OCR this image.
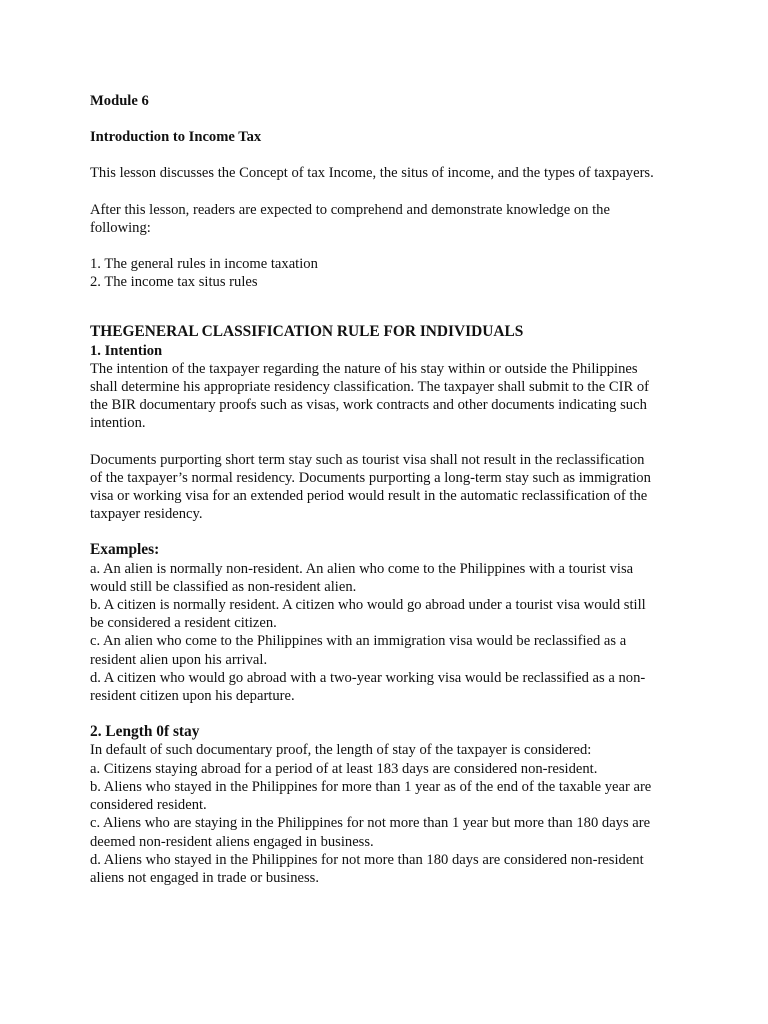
Module 6
Introduction to Income Tax
This lesson discusses the Concept of tax Income, the situs of income, and the types of taxpayers.
After this lesson, readers are expected to comprehend and demonstrate knowledge on the
following:
1. The general rules in income taxation
2. The income tax situs rules
THEGENERAL CLASSIFICATION RULE FOR INDIVIDUALS
1. Intention
The intention of the taxpayer regarding the nature of his stay within or outside the Philippines
shall determine his appropriate residency classification. The taxpayer shall submit to the CIR of
the BIR documentary proofs such as visas, work contracts and other documents indicating such
intention.
Documents purporting short term stay such as tourist visa shall not result in the reclassification
of the taxpayer’s normal residency. Documents purporting a long-term stay such as immigration
visa or working visa for an extended period would result in the automatic reclassification of the
taxpayer residency.
Examples:
a. An alien is normally non-resident. An alien who come to the Philippines with a tourist visa
would still be classified as non-resident alien.
b. A citizen is normally resident. A citizen who would go abroad under a tourist visa would still
be considered a resident citizen.
c. An alien who come to the Philippines with an immigration visa would be reclassified as a
resident alien upon his arrival.
d. A citizen who would go abroad with a two-year working visa would be reclassified as a non-
resident citizen upon his departure.
2. Length 0f stay
In default of such documentary proof, the length of stay of the taxpayer is considered:
a. Citizens staying abroad for a period of at least 183 days are considered non-resident.
b. Aliens who stayed in the Philippines for more than 1 year as of the end of the taxable year are
considered resident.
c. Aliens who are staying in the Philippines for not more than 1 year but more than 180 days are
deemed non-resident aliens engaged in business.
d. Aliens who stayed in the Philippines for not more than 180 days are considered non-resident
aliens not engaged in trade or business.
